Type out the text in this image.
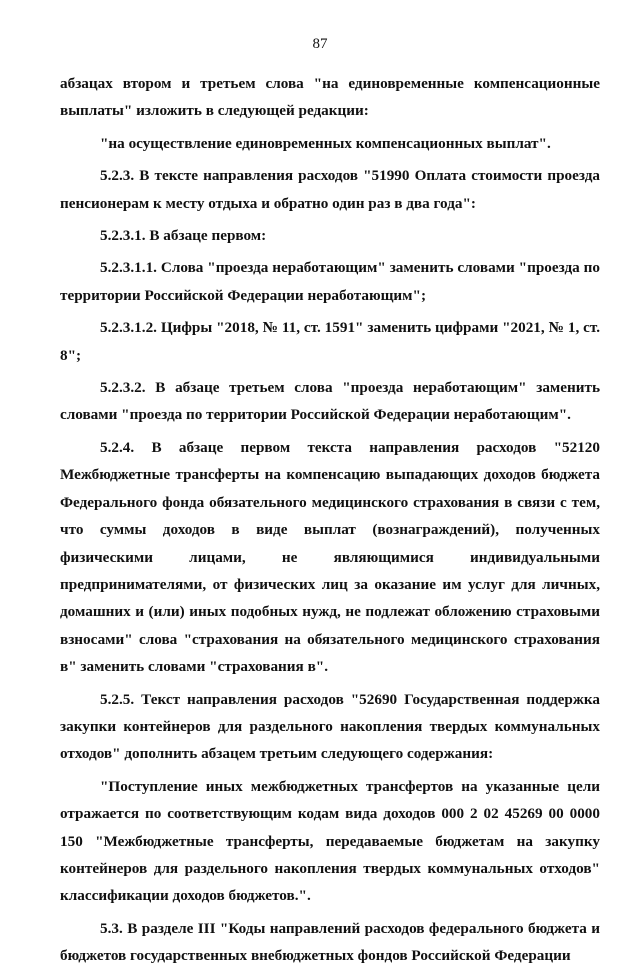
87

абзацах втором и третьем слова "на единовременные компенсационные выплаты" изложить в следующей редакции:

"на осуществление единовременных компенсационных выплат".

5.2.3. В тексте направления расходов "51990 Оплата стоимости проезда пенсионерам к месту отдыха и обратно один раз в два года":

5.2.3.1. В абзаце первом:

5.2.3.1.1. Слова "проезда неработающим" заменить словами "проезда по территории Российской Федерации неработающим";

5.2.3.1.2. Цифры "2018, № 11, ст. 1591" заменить цифрами "2021, № 1, ст. 8";

5.2.3.2. В абзаце третьем слова "проезда неработающим" заменить словами "проезда по территории Российской Федерации неработающим".

5.2.4. В абзаце первом текста направления расходов "52120 Межбюджетные трансферты на компенсацию выпадающих доходов бюджета Федерального фонда обязательного медицинского страхования в связи с тем, что суммы доходов в виде выплат (вознаграждений), полученных физическими лицами, не являющимися индивидуальными предпринимателями, от физических лиц за оказание им услуг для личных, домашних и (или) иных подобных нужд, не подлежат обложению страховыми взносами" слова "страхования на обязательного медицинского страхования в" заменить словами "страхования в".

5.2.5. Текст направления расходов "52690 Государственная поддержка закупки контейнеров для раздельного накопления твердых коммунальных отходов" дополнить абзацем третьим следующего содержания:

"Поступление иных межбюджетных трансфертов на указанные цели отражается по соответствующим кодам вида доходов 000 2 02 45269 00 0000 150 "Межбюджетные трансферты, передаваемые бюджетам на закупку контейнеров для раздельного накопления твердых коммунальных отходов" классификации доходов бюджетов.".

5.3. В разделе III "Коды направлений расходов федерального бюджета и бюджетов государственных внебюджетных фондов Российской Федерации
